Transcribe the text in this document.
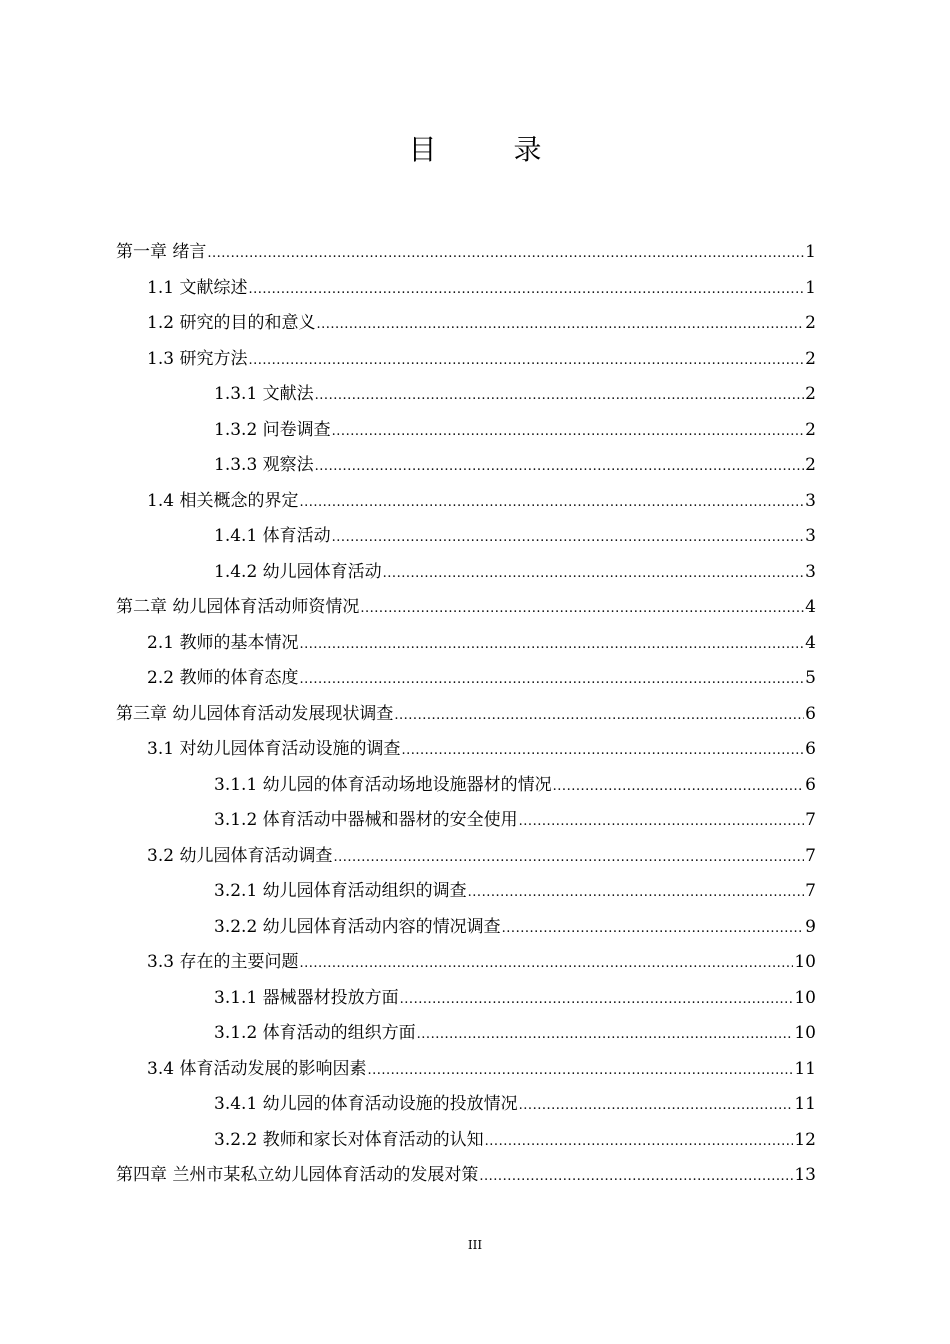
目 录
第一章 绪言 .....	1
1.1 文献综述 .....	1
1.2 研究的目的和意义 .....	2
1.3 研究方法 .....	2
1.3.1 文献法 .....	2
1.3.2 问卷调查 .....	2
1.3.3 观察法 .....	2
1.4 相关概念的界定 .....	3
1.4.1 体育活动 .....	3
1.4.2 幼儿园体育活动 .....	3
第二章 幼儿园体育活动师资情况 .....	4
2.1 教师的基本情况 .....	4
2.2 教师的体育态度 .....	5
第三章 幼儿园体育活动发展现状调查 .....	6
3.1 对幼儿园体育活动设施的调查 .....	6
3.1.1 幼儿园的体育活动场地设施器材的情况 .....	6
3.1.2 体育活动中器械和器材的安全使用 .....	7
3.2 幼儿园体育活动调查 .....	7
3.2.1 幼儿园体育活动组织的调查 .....	7
3.2.2 幼儿园体育活动内容的情况调查 .....	9
3.3 存在的主要问题 .....	10
3.1.1 器械器材投放方面 .....	10
3.1.2 体育活动的组织方面 .....	10
3.4 体育活动发展的影响因素 .....	11
3.4.1 幼儿园的体育活动设施的投放情况 .....	11
3.2.2 教师和家长对体育活动的认知 .....	12
第四章 兰州市某私立幼儿园体育活动的发展对策 .....	13
III
